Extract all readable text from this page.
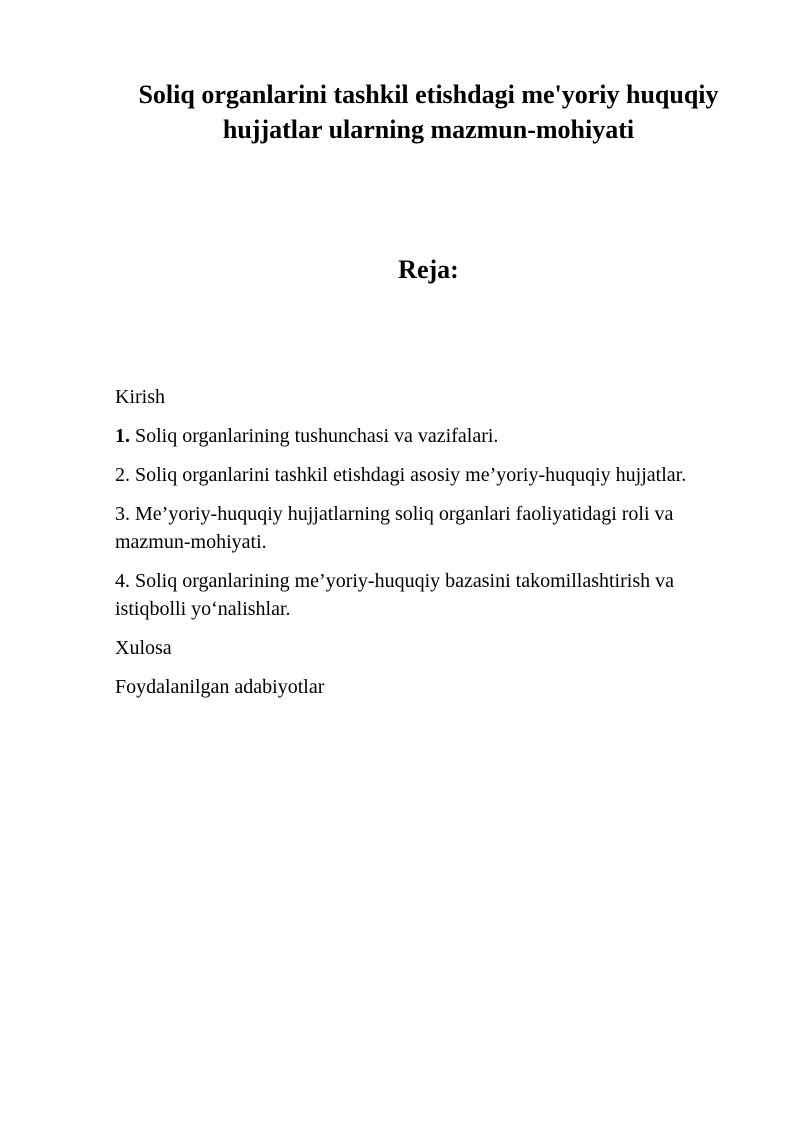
Soliq organlarini tashkil etishdagi me'yoriy huquqiy hujjatlar ularning mazmun-mohiyati
Reja:
Kirish
1. Soliq organlarining tushunchasi va vazifalari.
2. Soliq organlarini tashkil etishdagi asosiy me’yoriy-huquqiy hujjatlar.
3. Me’yoriy-huquqiy hujjatlarning soliq organlari faoliyatidagi roli va mazmun-mohiyati.
4. Soliq organlarining me’yoriy-huquqiy bazasini takomillashtirish va istiqbolli yo‘nalishlar.
Xulosa
Foydalanilgan adabiyotlar
